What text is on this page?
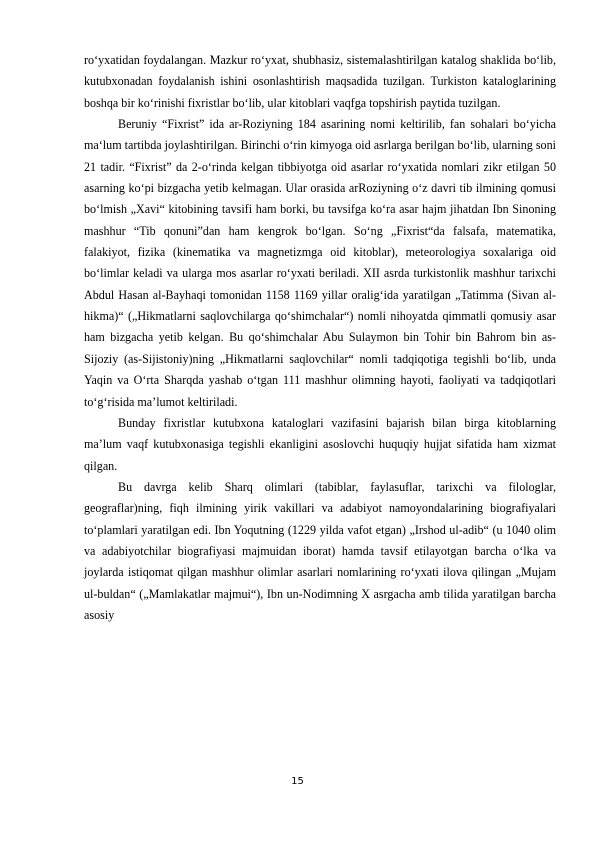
ro‘yxatidan foydalangan. Mazkur ro‘yxat, shubhasiz, sistemalashtirilgan katalog shaklida bo‘lib, kutubxonadan foydalanish ishini osonlashtirish maqsadida tuzilgan. Turkiston kataloglarining boshqa bir ko‘rinishi fixristlar bo‘lib, ular kitoblari vaqfga topshirish paytida tuzilgan.

Beruniy “Fixrist” ida ar-Roziyning 184 asarining nomi keltirilib, fan sohalari bo‘yicha ma‘lum tartibda joylashtirilgan. Birinchi o‘rin kimyoga oid asrlarga berilgan bo‘lib, ularning soni 21 tadir. “Fixrist” da 2-o‘rinda kelgan tibbiyotga oid asarlar ro‘yxatida nomlari zikr etilgan 50 asarning ko‘pi bizgacha yetib kelmagan. Ular orasida arRoziyning o‘z davri tib ilmining qomusi bo‘lmish „Xavi“ kitobining tavsifi ham borki, bu tavsifga ko‘ra asar hajm jihatdan Ibn Sinoning mashhur “Tib qonuni”dan ham kengrok bo‘lgan. So‘ng „Fixrist“da falsafa, matematika, falakiyot, fizika (kinematika va magnetizmga oid kitoblar), meteorologiya soxalariga oid bo‘limlar keladi va ularga mos asarlar ro‘yxati beriladi. XII asrda turkistonlik mashhur tarixchi Abdul Hasan al-Bayhaqi tomonidan 1158 1169 yillar oralig‘ida yaratilgan „Tatimma (Sivan al- hikma)“ („Hikmatlarni saqlovchilarga qo‘shimchalar“) nomli nihoyatda qimmatli qomusiy asar ham bizgacha yetib kelgan. Bu qo‘shimchalar Abu Sulaymon bin Tohir bin Bahrom bin as-Sijoziy (as-Sijistoniy)ning „Hikmatlarni saqlovchilar“ nomli tadqiqotiga tegishli bo‘lib, unda Yaqin va O‘rta Sharqda yashab o‘tgan 111 mashhur olimning hayoti, faoliyati va tadqiqotlari to‘g‘risida ma’lumot keltiriladi.

Bunday fixristlar kutubxona kataloglari vazifasini bajarish bilan birga kitoblarning ma’lum vaqf kutubxonasiga tegishli ekanligini asoslovchi huquqiy hujjat sifatida ham xizmat qilgan.

Bu davrga kelib Sharq olimlari (tabiblar, faylasuflar, tarixchi va filologlar, geograflar)ning, fiqh ilmining yirik vakillari va adabiyot namoyondalarining biografiyalari to‘plamlari yaratilgan edi. Ibn Yoqutning (1229 yilda vafot etgan) „Irshod ul-adib“ (u 1040 olim va adabiyotchilar biografiyasi majmuidan iborat) hamda tavsif etilayotgan barcha o‘lka va joylarda istiqomat qilgan mashhur olimlar asarlari nomlarining ro‘yxati ilova qilingan „Mujam ul-buldan“ („Mamlakatlar majmui“), Ibn un-Nodimning X asrgacha amb tilida yaratilgan barcha asosiy

15
